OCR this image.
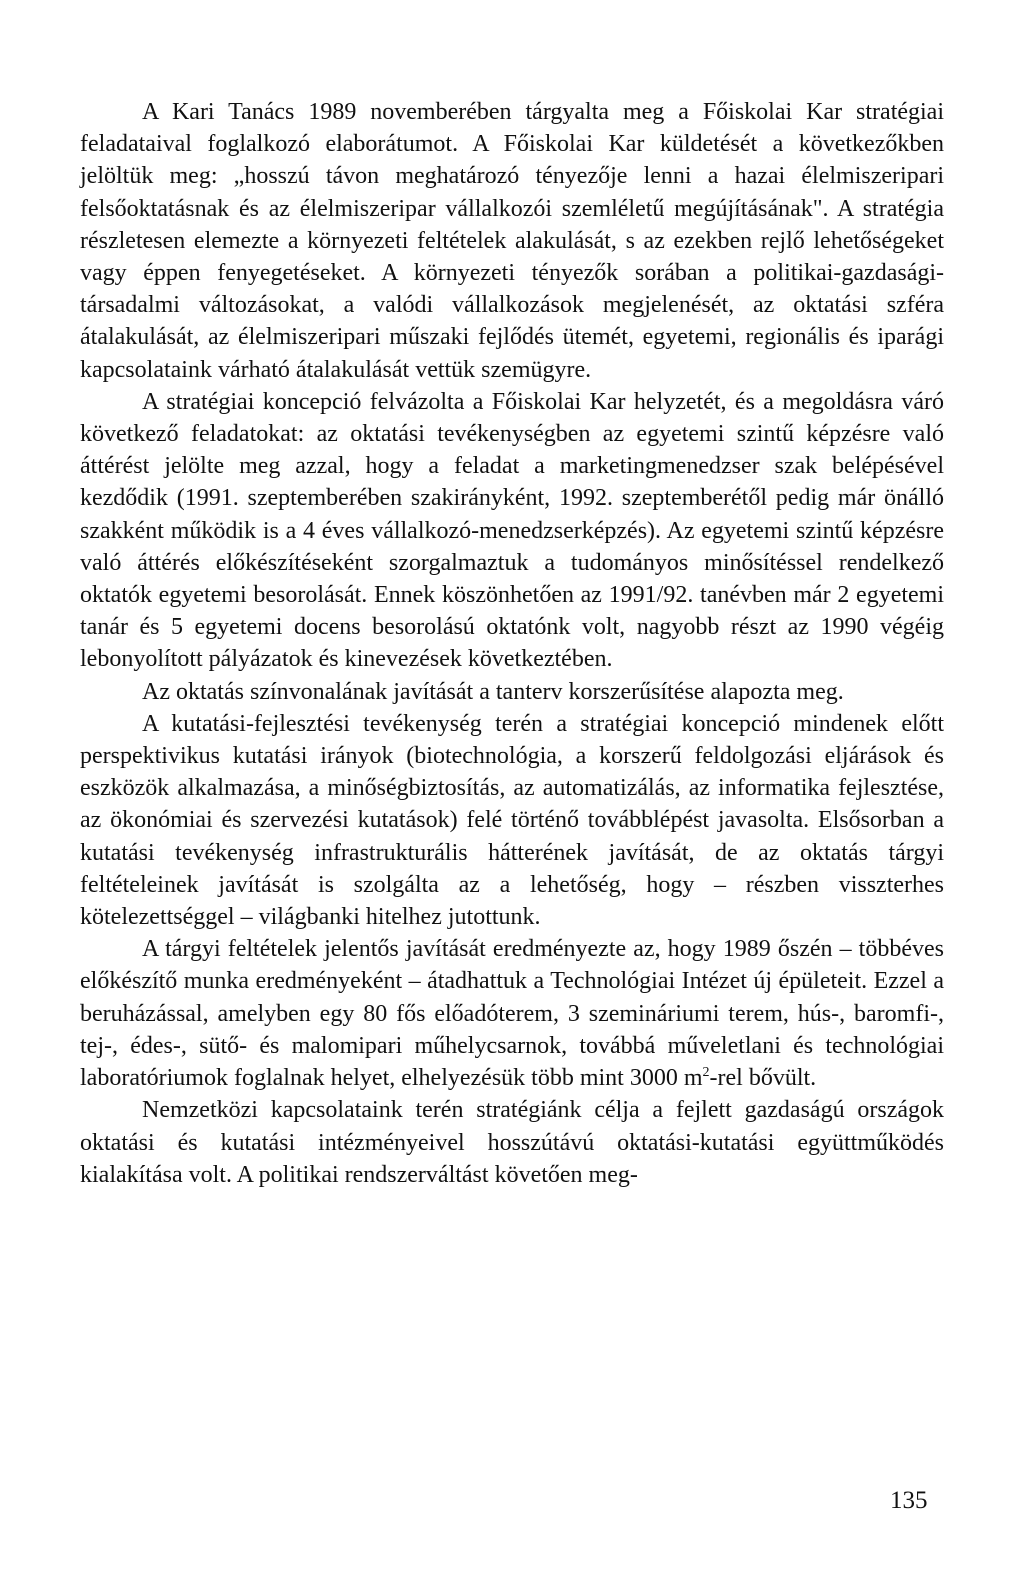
A Kari Tanács 1989 novemberében tárgyalta meg a Főiskolai Kar stratégiai feladataival foglalkozó elaborátumot. A Főiskolai Kar küldetését a következőkben jelöltük meg: „hosszú távon meghatározó tényezője lenni a hazai élelmiszeripari felsőoktatásnak és az élelmiszeripar vállalkozói szemléletű megújításának". A stratégia részletesen elemezte a környezeti feltételek alakulását, s az ezekben rejlő lehetőségeket vagy éppen fenyegetéseket. A környezeti tényezők sorában a politikai-gazdasági-társadalmi változásokat, a valódi vállalkozások megjelenését, az oktatási szféra átalakulását, az élelmiszeripari műszaki fejlődés ütemét, egyetemi, regionális és iparági kapcsolataink várható átalakulását vettük szemügyre.

A stratégiai koncepció felvázolta a Főiskolai Kar helyzetét, és a megoldásra váró következő feladatokat: az oktatási tevékenységben az egyetemi szintű képzésre való áttérést jelölte meg azzal, hogy a feladat a marketingmenedzser szak belépésével kezdődik (1991. szeptemberében szakirányként, 1992. szeptemberétől pedig már önálló szakként működik is a 4 éves vállalkozó-menedzserképzés). Az egyetemi szintű képzésre való áttérés előkészítéseként szorgalmaztuk a tudományos minősítéssel rendelkező oktatók egyetemi besorolását. Ennek köszönhetően az 1991/92. tanévben már 2 egyetemi tanár és 5 egyetemi docens besorolású oktatónk volt, nagyobb részt az 1990 végéig lebonyolított pályázatok és kinevezések következtében.

Az oktatás színvonalának javítását a tanterv korszerűsítése alapozta meg.

A kutatási-fejlesztési tevékenység terén a stratégiai koncepció mindenek előtt perspektivikus kutatási irányok (biotechnológia, a korszerű feldolgozási eljárások és eszközök alkalmazása, a minőségbiztosítás, az automatizálás, az informatika fejlesztése, az ökonómiai és szervezési kutatások) felé történő továbblépést javasolta. Elsősorban a kutatási tevékenység infrastrukturális hátterének javítását, de az oktatás tárgyi feltételeinek javítását is szolgálta az a lehetőség, hogy – részben visszterhes kötelezettséggel – világbanki hitelhez jutottunk.

A tárgyi feltételek jelentős javítását eredményezte az, hogy 1989 őszén – többéves előkészítő munka eredményeként – átadhattuk a Technológiai Intézet új épületeit. Ezzel a beruházással, amelyben egy 80 fős előadóterem, 3 szemináriumi terem, hús-, baromfi-, tej-, édes-, sütő- és malomipari műhelycsarnok, továbbá műveletlani és technológiai laboratóriumok foglalnak helyet, elhelyezésük több mint 3000 $m^2$-rel bővült.

Nemzetközi kapcsolataink terén stratégiánk célja a fejlett gazdaságú országok oktatási és kutatási intézményeivel hosszútávú oktatási-kutatási együttműködés kialakítása volt. A politikai rendszerváltást követően meg-

135
